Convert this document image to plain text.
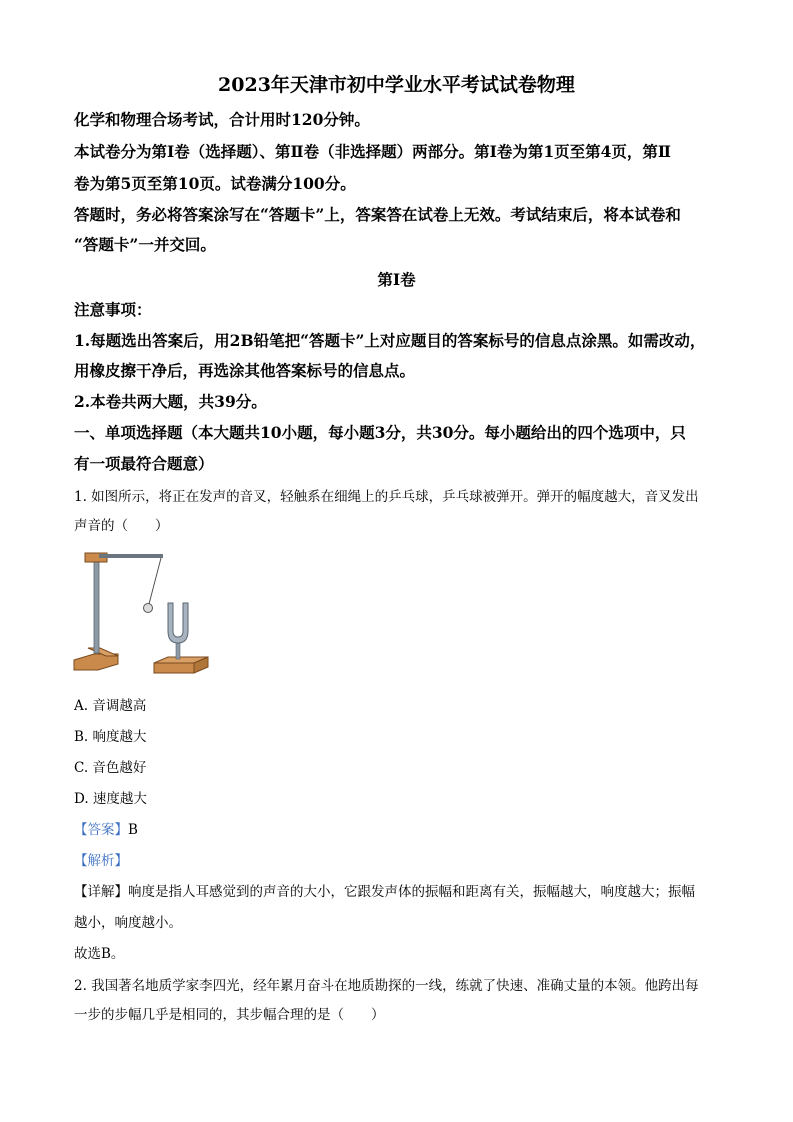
2023年天津市初中学业水平考试试卷物理
化学和物理合场考试，合计用时120分钟。
本试卷分为第Ⅰ卷（选择题）、第Ⅱ卷（非选择题）两部分。第Ⅰ卷为第1页至第4页，第Ⅱ
卷为第5页至第10页。试卷满分100分。
答题时，务必将答案涂写在“答题卡”上，答案答在试卷上无效。考试结束后，将本试卷和
“答题卡”一并交回。
第Ⅰ卷
注意事项：
1.每题选出答案后，用2B铅笔把“答题卡”上对应题目的答案标号的信息点涂黑。如需改动，
用橡皮擦干净后，再选涂其他答案标号的信息点。
2.本卷共两大题，共39分。
一、单项选择题（本大题共10小题，每小题3分，共30分。每小题给出的四个选项中，只
有一项最符合题意）
1. 如图所示，将正在发声的音叉，轻触系在细绳上的乒乓球，乒乓球被弹开。弹开的幅度越大，音叉发出
声音的（　　）
A. 音调越高
B. 响度越大
C. 音色越好
D. 速度越大
【答案】B
【解析】
【详解】响度是指人耳感觉到的声音的大小，它跟发声体的振幅和距离有关，振幅越大，响度越大；振幅
越小，响度越小。
故选B。
2. 我国著名地质学家李四光，经年累月奋斗在地质勘探的一线，练就了快速、准确丈量的本领。他跨出每
一步的步幅几乎是相同的，其步幅合理的是（　　）
